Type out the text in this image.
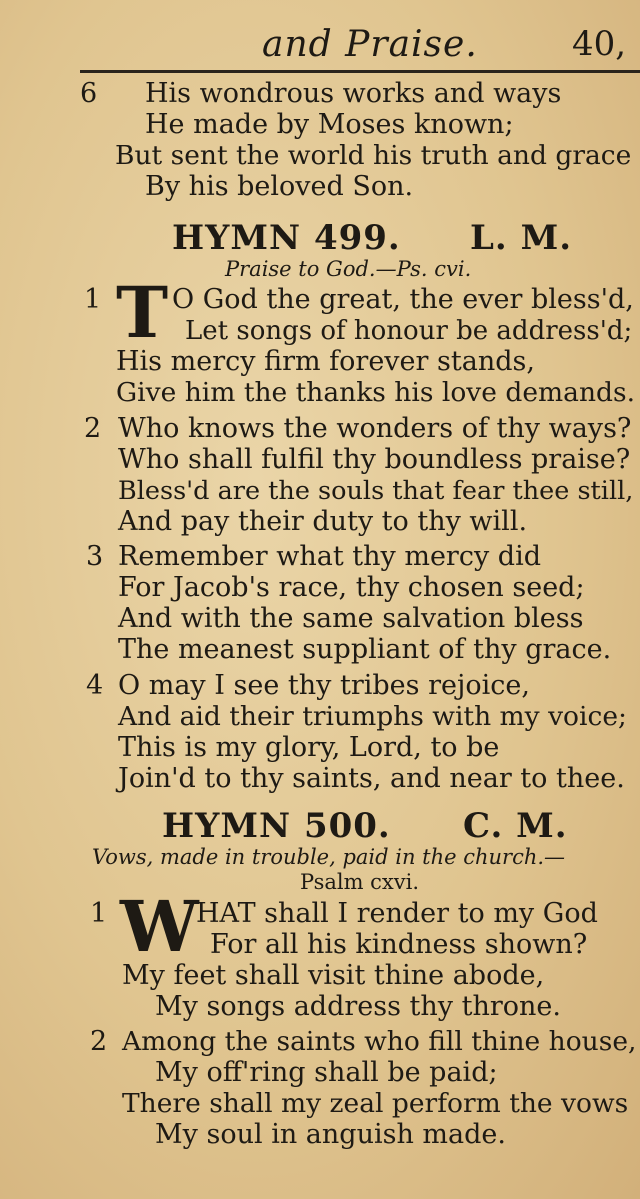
and Praise.	40,
6 His wondrous works and ways
He made by Moses known;
But sent the world his truth and grace
By his beloved Son.
HYMN 499. L. M.
Praise to God.—Ps. cvi.
1 T O God the great, the ever bless'd,
Let songs of honour be address'd;
His mercy firm forever stands,
Give him the thanks his love demands.
2 Who knows the wonders of thy ways?
Who shall fulfil thy boundless praise?
Bless'd are the souls that fear thee still,
And pay their duty to thy will.
3 Remember what thy mercy did
For Jacob's race, thy chosen seed;
And with the same salvation bless
The meanest suppliant of thy grace.
4 O may I see thy tribes rejoice,
And aid their triumphs with my voice;
This is my glory, Lord, to be
Join'd to thy saints, and near to thee.
HYMN 500. C. M.
Vows, made in trouble, paid in the church.—
Psalm cxvi.
1 W
HAT shall I render to my God
For all his kindness shown?
My feet shall visit thine abode,
My songs address thy throne.
2 Among the saints who fill thine house,
My off'ring shall be paid;
There shall my zeal perform the vows
My soul in anguish made.
